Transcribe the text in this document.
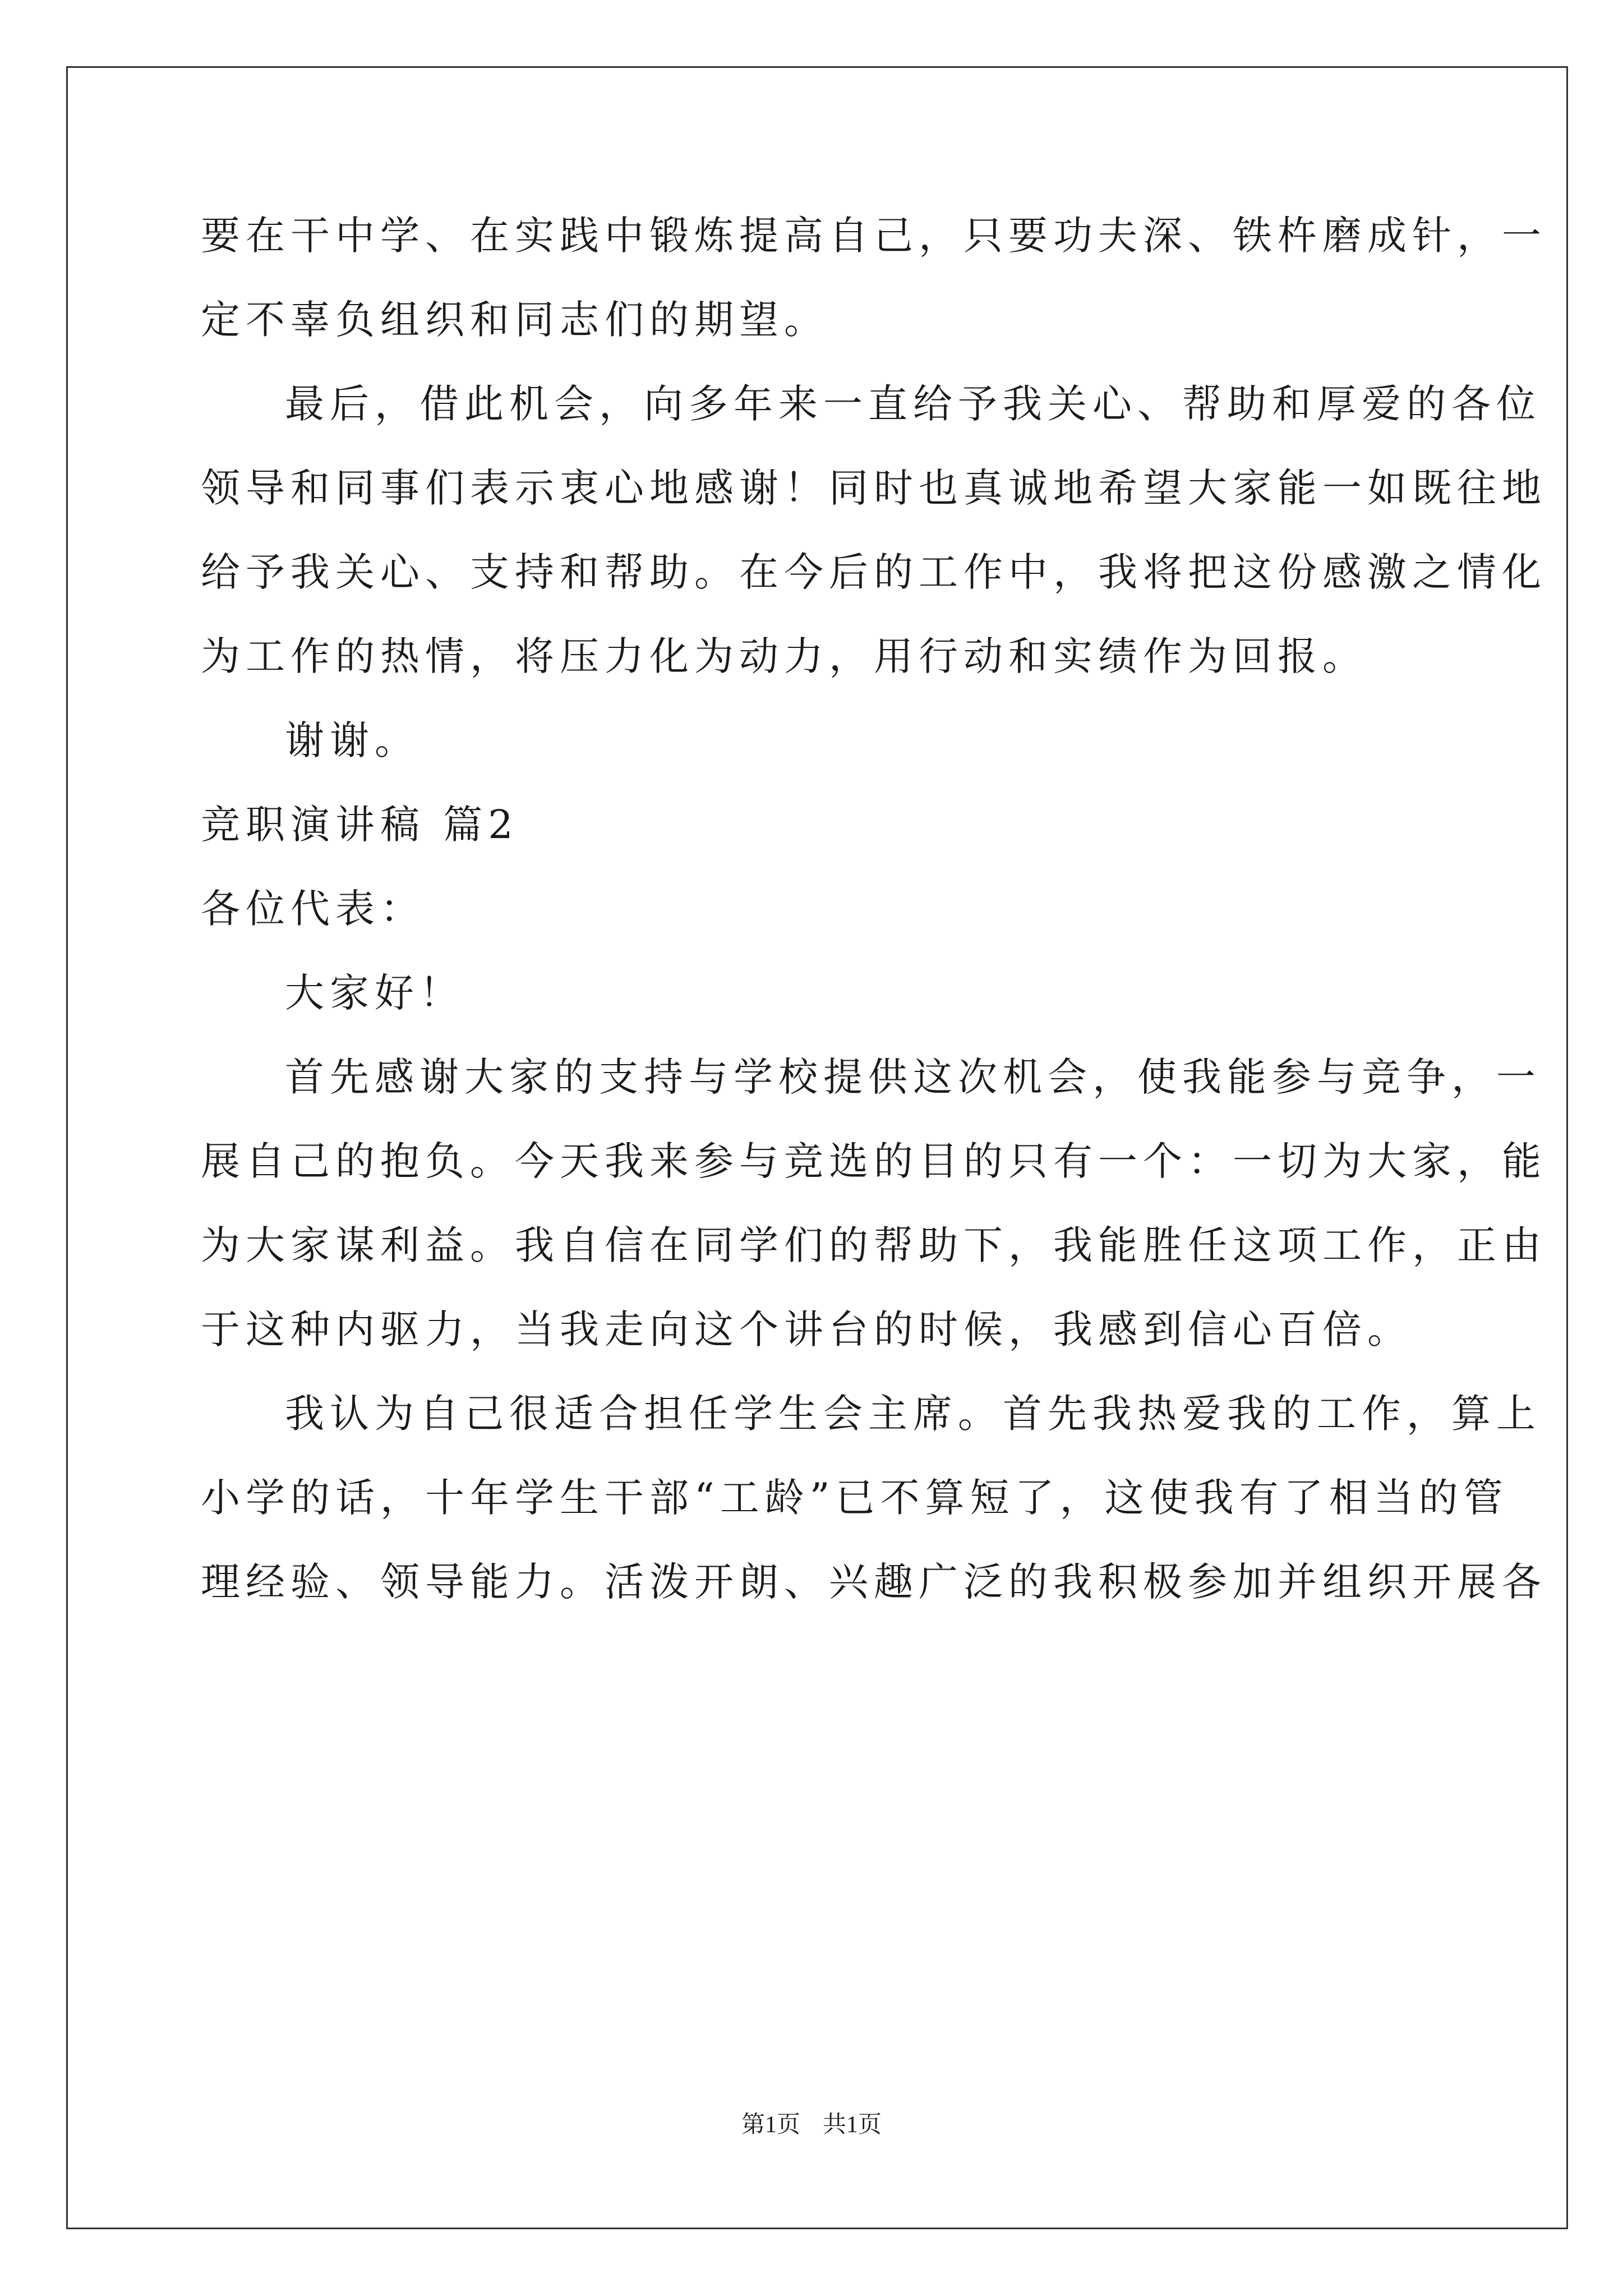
要在干中学、在实践中锻炼提高自己，只要功夫深、铁杵磨成针，一

定不辜负组织和同志们的期望。

最后，借此机会，向多年来一直给予我关心、帮助和厚爱的各位

领导和同事们表示衷心地感谢！同时也真诚地希望大家能一如既往地

给予我关心、支持和帮助。在今后的工作中，我将把这份感激之情化

为工作的热情，将压力化为动力，用行动和实绩作为回报。

谢谢。

竞职演讲稿 篇2

各位代表：

大家好！

首先感谢大家的支持与学校提供这次机会，使我能参与竞争，一

展自己的抱负。今天我来参与竞选的目的只有一个：一切为大家，能

为大家谋利益。我自信在同学们的帮助下，我能胜任这项工作，正由

于这种内驱力，当我走向这个讲台的时候，我感到信心百倍。

我认为自己很适合担任学生会主席。首先我热爱我的工作，算上

小学的话，十年学生干部“工龄”已不算短了，这使我有了相当的管

理经验、领导能力。活泼开朗、兴趣广泛的我积极参加并组织开展各

第1页 共1页
